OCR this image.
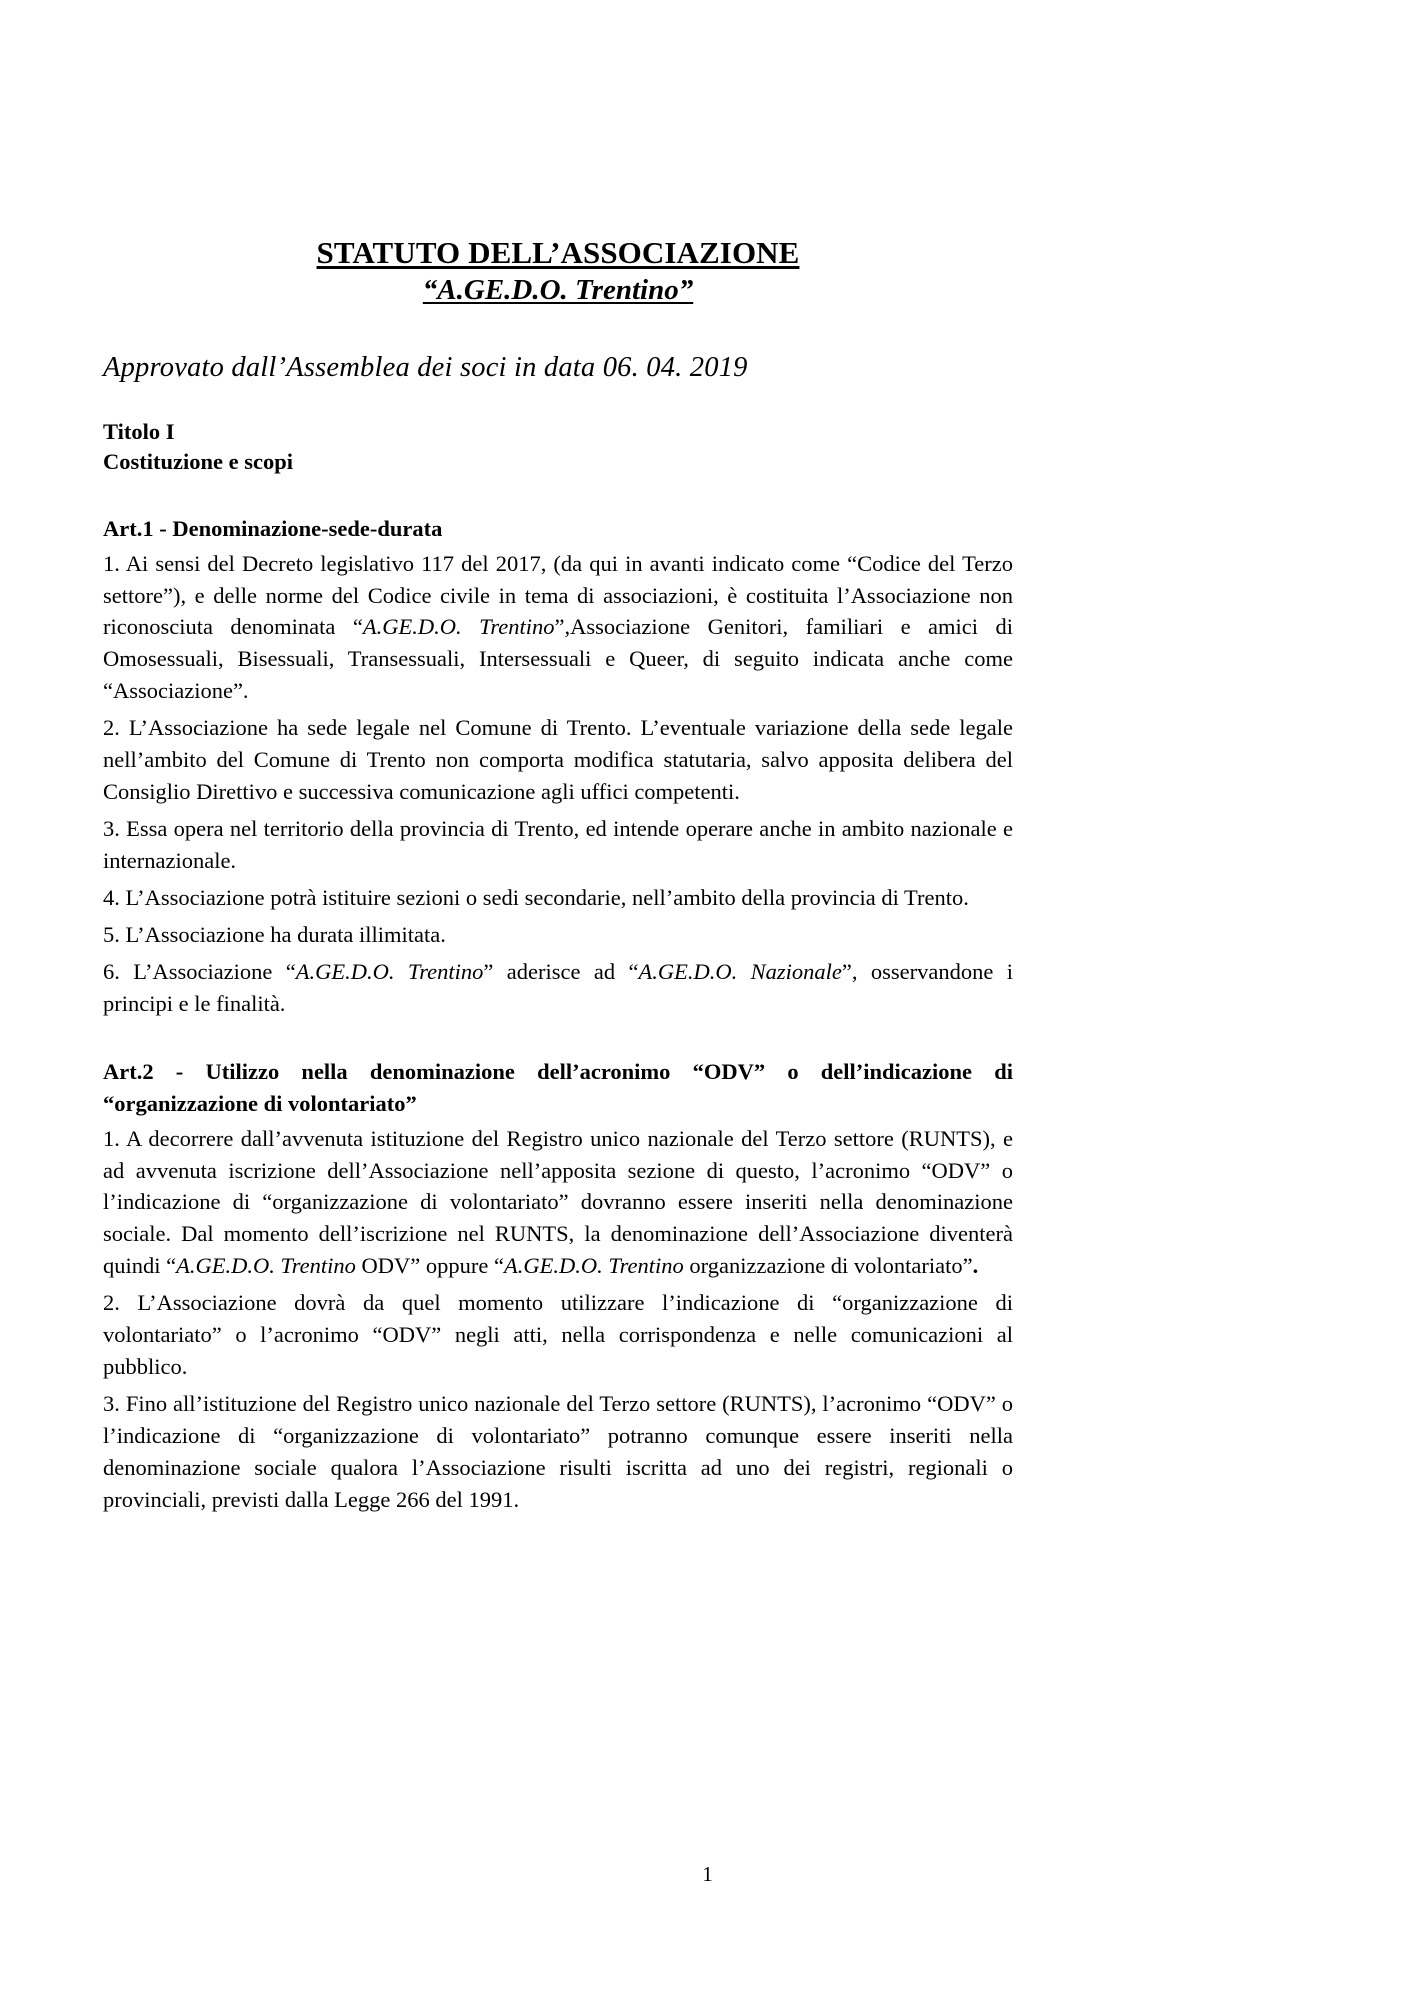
STATUTO DELL’ASSOCIAZIONE
“A.GE.D.O. Trentino”

Approvato dall’Assemblea dei soci in data 06. 04. 2019

Titolo I

Costituzione e scopi

Art.1 - Denominazione-sede-durata

1. Ai sensi del Decreto legislativo 117 del 2017, (da qui in avanti indicato come “Codice del Terzo settore”), e delle norme del Codice civile in tema di associazioni, è costituita l’Associazione non riconosciuta denominata “A.GE.D.O. Trentino”,Associazione Genitori, familiari e amici di Omosessuali, Bisessuali, Transessuali, Intersessuali e Queer, di seguito indicata anche come “Associazione”.

2. L’Associazione ha sede legale nel Comune di Trento. L’eventuale variazione della sede legale nell’ambito del Comune di Trento non comporta modifica statutaria, salvo apposita delibera del Consiglio Direttivo e successiva comunicazione agli uffici competenti.

3. Essa opera nel territorio della provincia di Trento, ed intende operare anche in ambito nazionale e internazionale.

4. L’Associazione potrà istituire sezioni o sedi secondarie, nell’ambito della provincia di Trento.

5. L’Associazione ha durata illimitata.

6. L’Associazione “A.GE.D.O. Trentino” aderisce ad “A.GE.D.O. Nazionale”, osservandone i principi e le finalità.

Art.2 - Utilizzo nella denominazione dell’acronimo “ODV” o dell’indicazione di “organizzazione di volontariato”

1. A decorrere dall’avvenuta istituzione del Registro unico nazionale del Terzo settore (RUNTS), e ad avvenuta iscrizione dell’Associazione nell’apposita sezione di questo, l’acronimo “ODV” o l’indicazione di “organizzazione di volontariato” dovranno essere inseriti nella denominazione sociale. Dal momento dell’iscrizione nel RUNTS, la denominazione dell’Associazione diventerà quindi “A.GE.D.O. Trentino ODV” oppure “A.GE.D.O. Trentino organizzazione di volontariato”.

2. L’Associazione dovrà da quel momento utilizzare l’indicazione di “organizzazione di volontariato” o l’acronimo “ODV” negli atti, nella corrispondenza e nelle comunicazioni al pubblico.

3. Fino all’istituzione del Registro unico nazionale del Terzo settore (RUNTS), l’acronimo “ODV” o l’indicazione di “organizzazione di volontariato” potranno comunque essere inseriti nella denominazione sociale qualora l’Associazione risulti iscritta ad uno dei registri, regionali o provinciali, previsti dalla Legge 266 del 1991.

1
